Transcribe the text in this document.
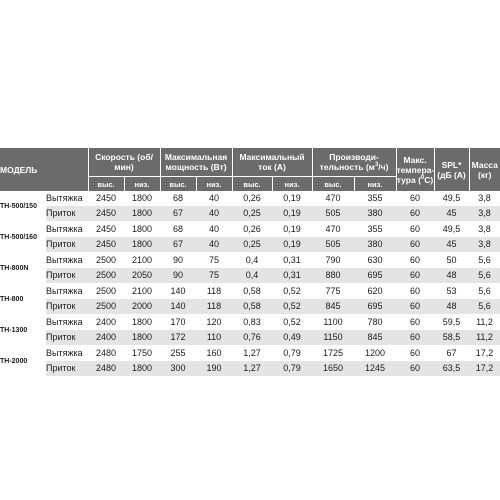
МОДЕЛЬ		Скорость (об/мин)		Максимальная мощность (Вт)		Максимальный ток (А)		Производи-
тельность $(м^3/ч)$		Макс.
темпера-
тура ($^0$С)	SPL* (дБ (А)	Масса (кг)
		выс.	низ.	выс.	низ.	выс.	низ.	выс.	низ.			
TH-500/150	Вытяжка	2450	1800	68	40	0,26	0,19	470	355	60	49,5	3,8
	Приток	2450	1800	67	40	0,25	0,19	505	380	60	45	3,8
TH-500/160	Вытяжка	2450	1800	68	40	0,26	0,19	470	355	60	49,5	3,8
	Приток	2450	1800	67	40	0,25	0,19	505	380	60	45	3,8
TH-800N	Вытяжка	2500	2100	90	75	0,4	0,31	790	630	60	50	5,6
	Приток	2500	2050	90	75	0,4	0,31	880	695	60	48	5,6
TH-800	Вытяжка	2500	2100	140	118	0,58	0,52	775	620	60	53	5,6
	Приток	2500	2000	140	118	0,58	0,52	845	695	60	48	5,6
TH-1300	Вытяжка	2400	1800	170	120	0,83	0,52	1100	780	60	59,5	11,2
	Приток	2400	1800	172	110	0,76	0,49	1150	845	60	58,5	11,2
TH-2000	Вытяжка	2480	1750	255	160	1,27	0,79	1725	1200	60	67	17,2
	Приток	2480	1800	300	190	1,27	0,79	1650	1245	60	63,5	17,2
